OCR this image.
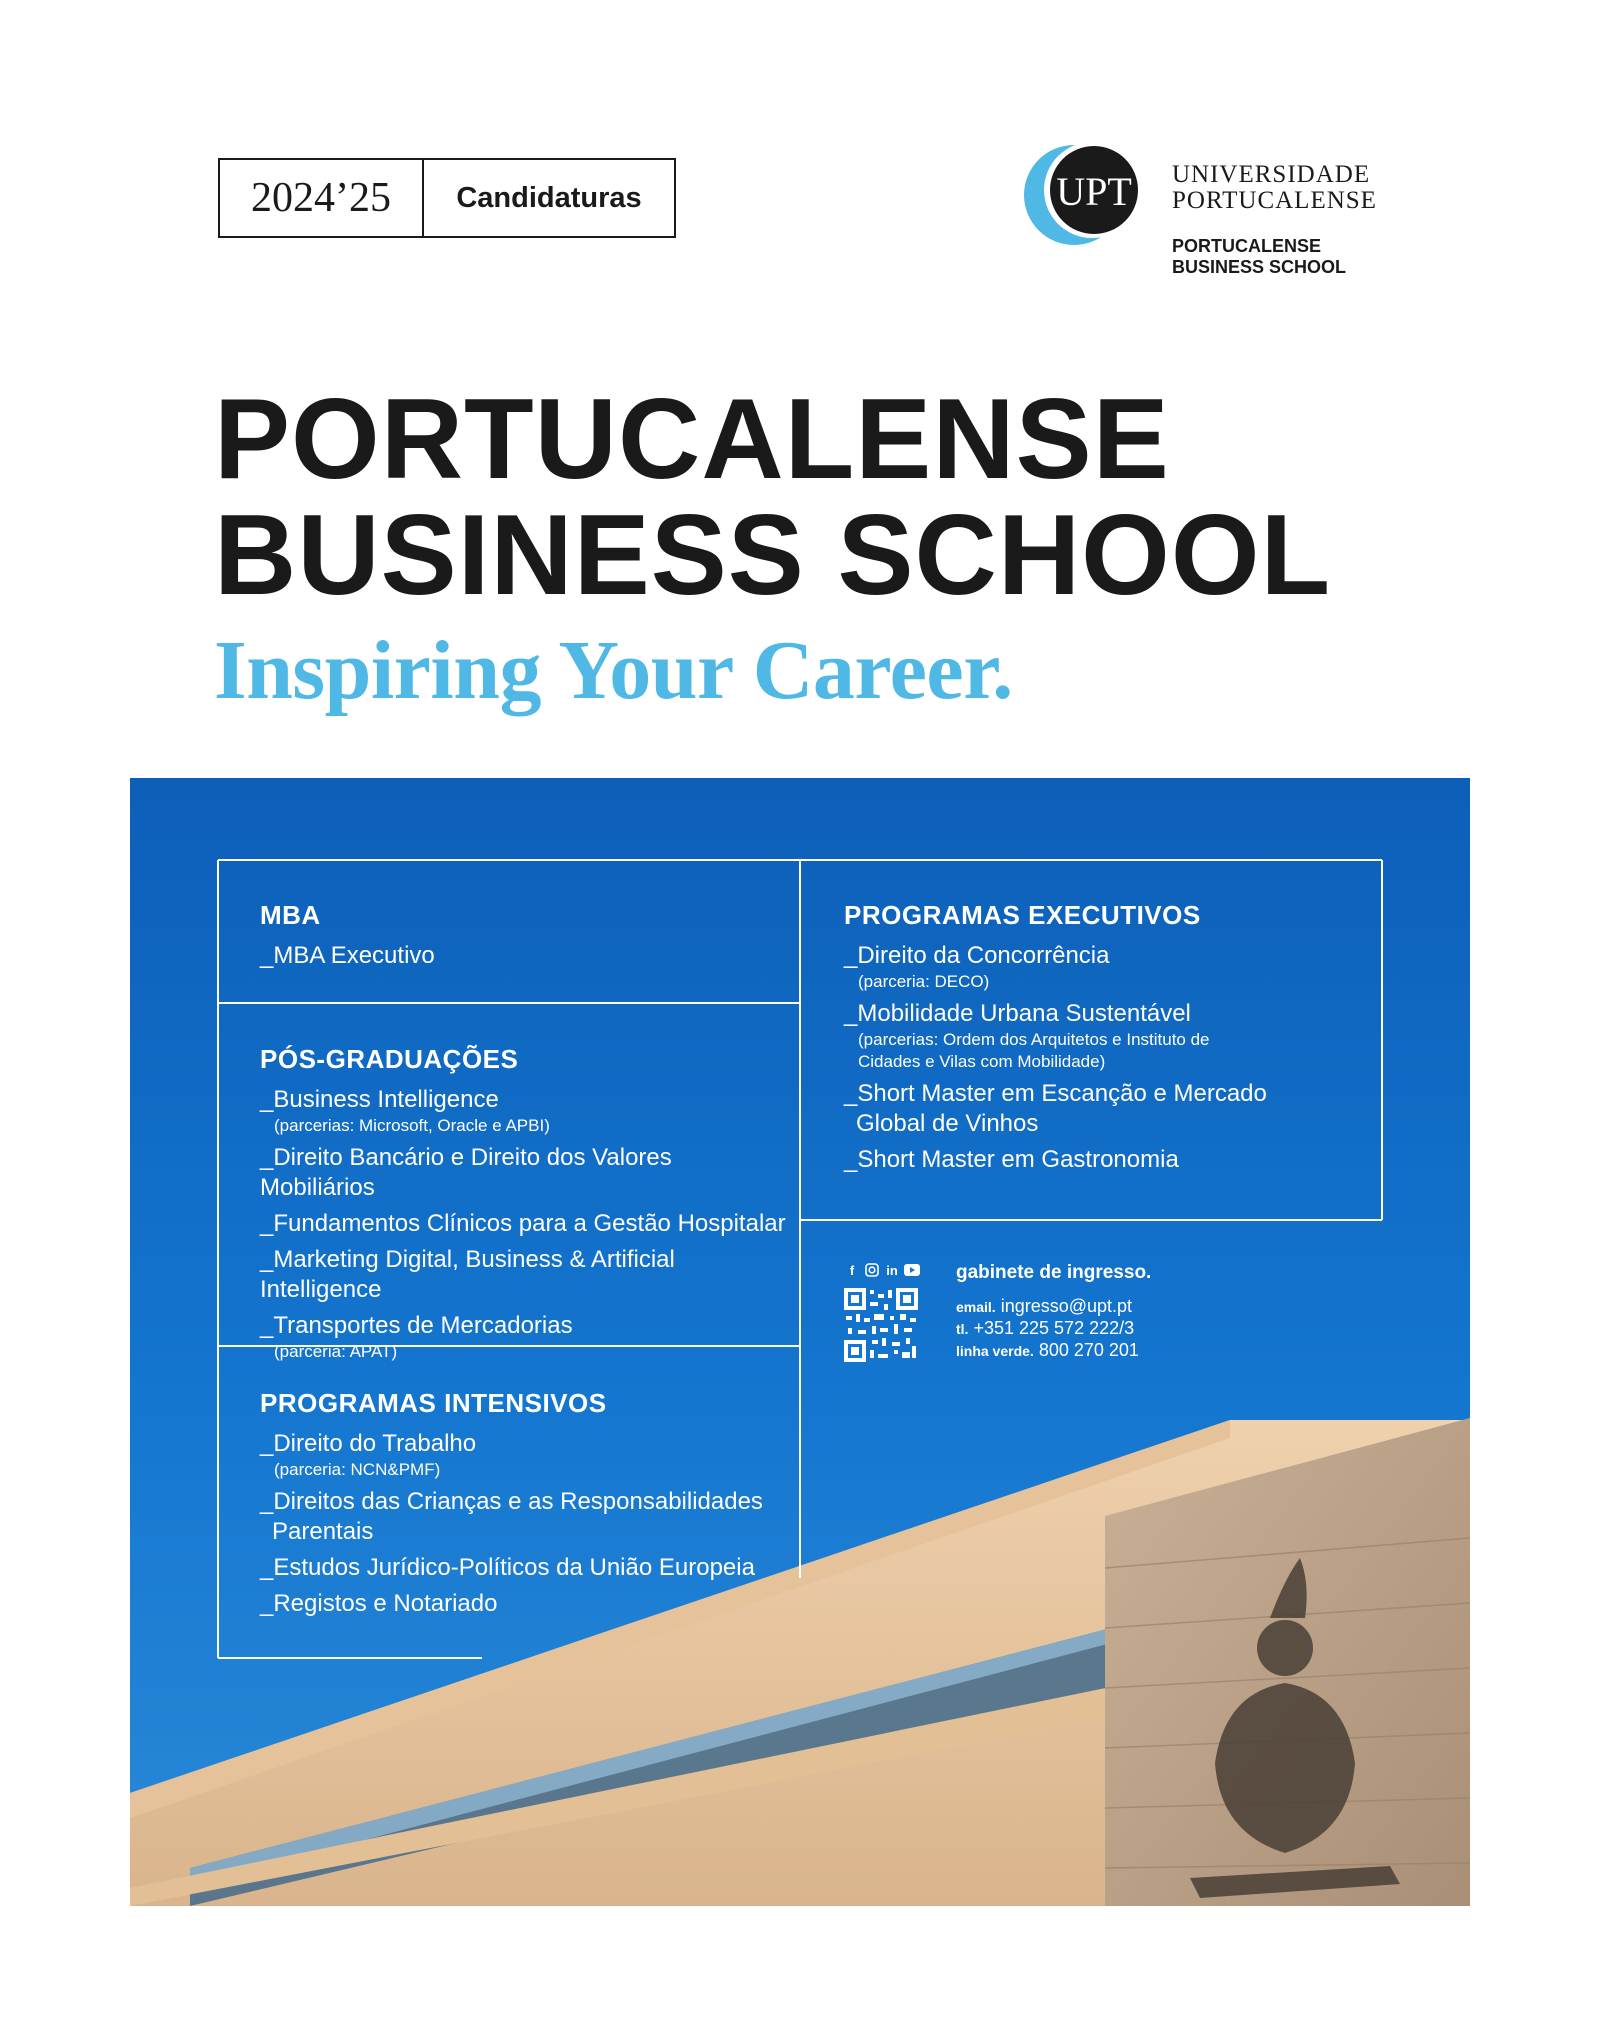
2024’25	Candidaturas	UPT UNIVERSIDADE
PORTUCALENSE
PORTUCALENSE
BUSINESS SCHOOL
PORTUCALENSE
BUSINESS SCHOOL
Inspiring Your Career.
MBA
_MBA Executivo
PÓS-GRADUAÇÕES
_Business Intelligence
(parcerias: Microsoft, Oracle e APBI)
_Direito Bancário e Direito dos Valores Mobiliários
_Fundamentos Clínicos para a Gestão Hospitalar
_Marketing Digital, Business & Artificial Intelligence
_Transportes de Mercadorias
(parceria: APAT)
PROGRAMAS INTENSIVOS
_Direito do Trabalho
(parceria: NCN&PMF)
_Direitos das Crianças e as Responsabilidades
Parentais
_Estudos Jurídico-Políticos da União Europeia
_Registos e Notariado
PROGRAMAS EXECUTIVOS
_Direito da Concorrência
(parceria: DECO)
_Mobilidade Urbana Sustentável
(parcerias: Ordem dos Arquitetos e Instituto de
Cidades e Vilas com Mobilidade)
_Short Master em Escanção e Mercado
Global de Vinhos
_Short Master em Gastronomia
f	in	gabinete de ingresso.
email. ingresso@upt.pt
tl. +351 225 572 222/3
linha verde. 800 270 201
